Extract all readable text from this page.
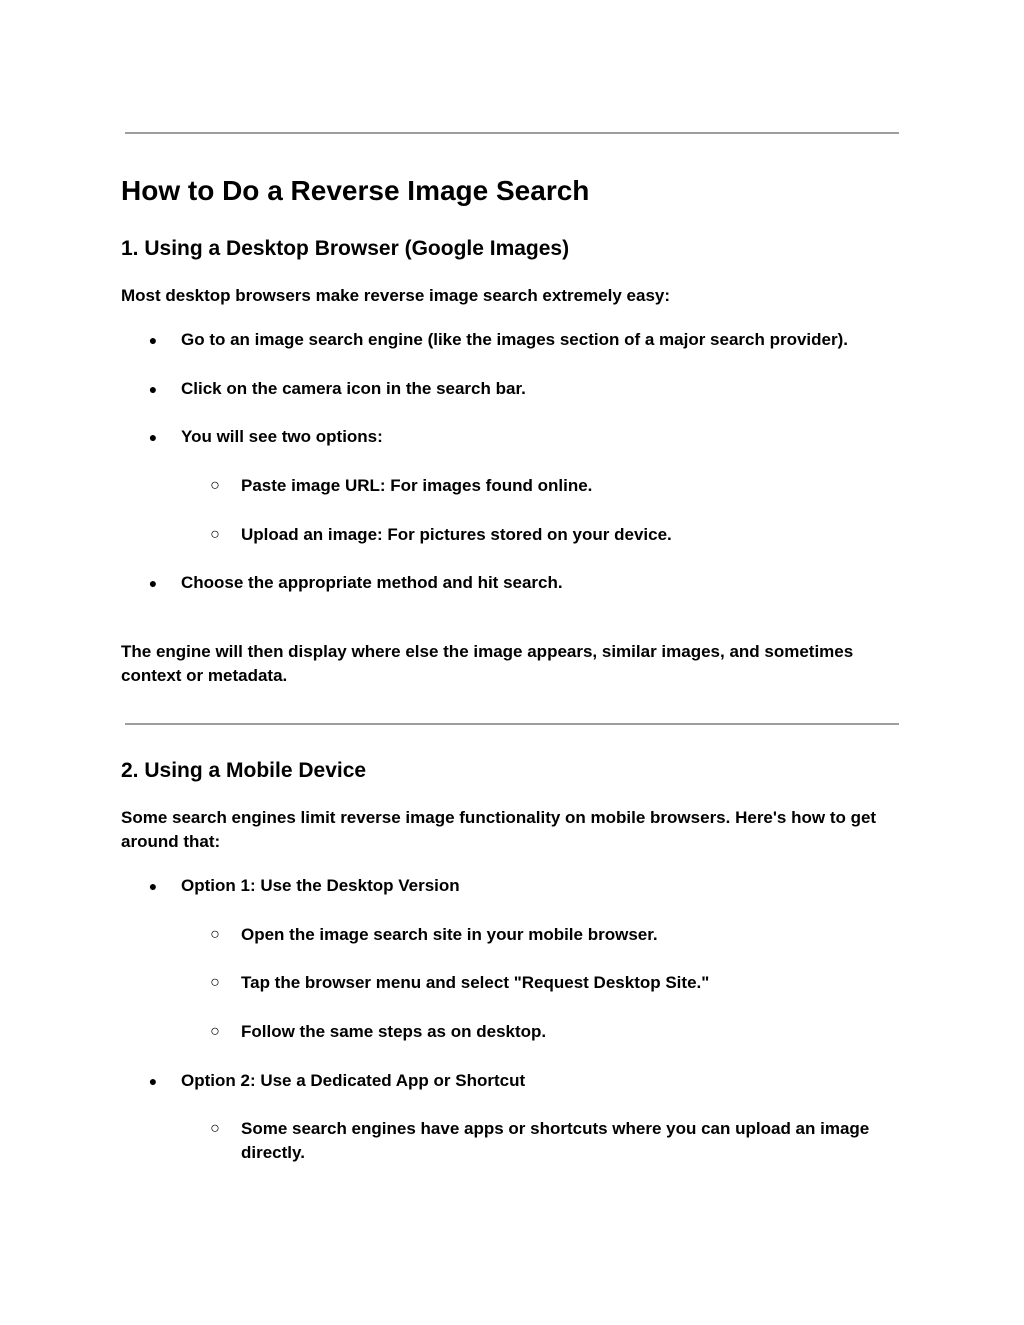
How to Do a Reverse Image Search
1. Using a Desktop Browser (Google Images)

Most desktop browsers make reverse image search extremely easy:

●	Go to an image search engine (like the images section of a major search provider).
●	Click on the camera icon in the search bar.
●	You will see two options:
○	Paste image URL: For images found online.
○	Upload an image: For pictures stored on your device.
●	Choose the appropriate method and hit search.

The engine will then display where else the image appears, similar images, and sometimes context or metadata.

2. Using a Mobile Device

Some search engines limit reverse image functionality on mobile browsers. Here's how to get around that:

●	Option 1: Use the Desktop Version
○	Open the image search site in your mobile browser.
○	Tap the browser menu and select "Request Desktop Site."
○	Follow the same steps as on desktop.
●	Option 2: Use a Dedicated App or Shortcut
○	Some search engines have apps or shortcuts where you can upload an image directly.
